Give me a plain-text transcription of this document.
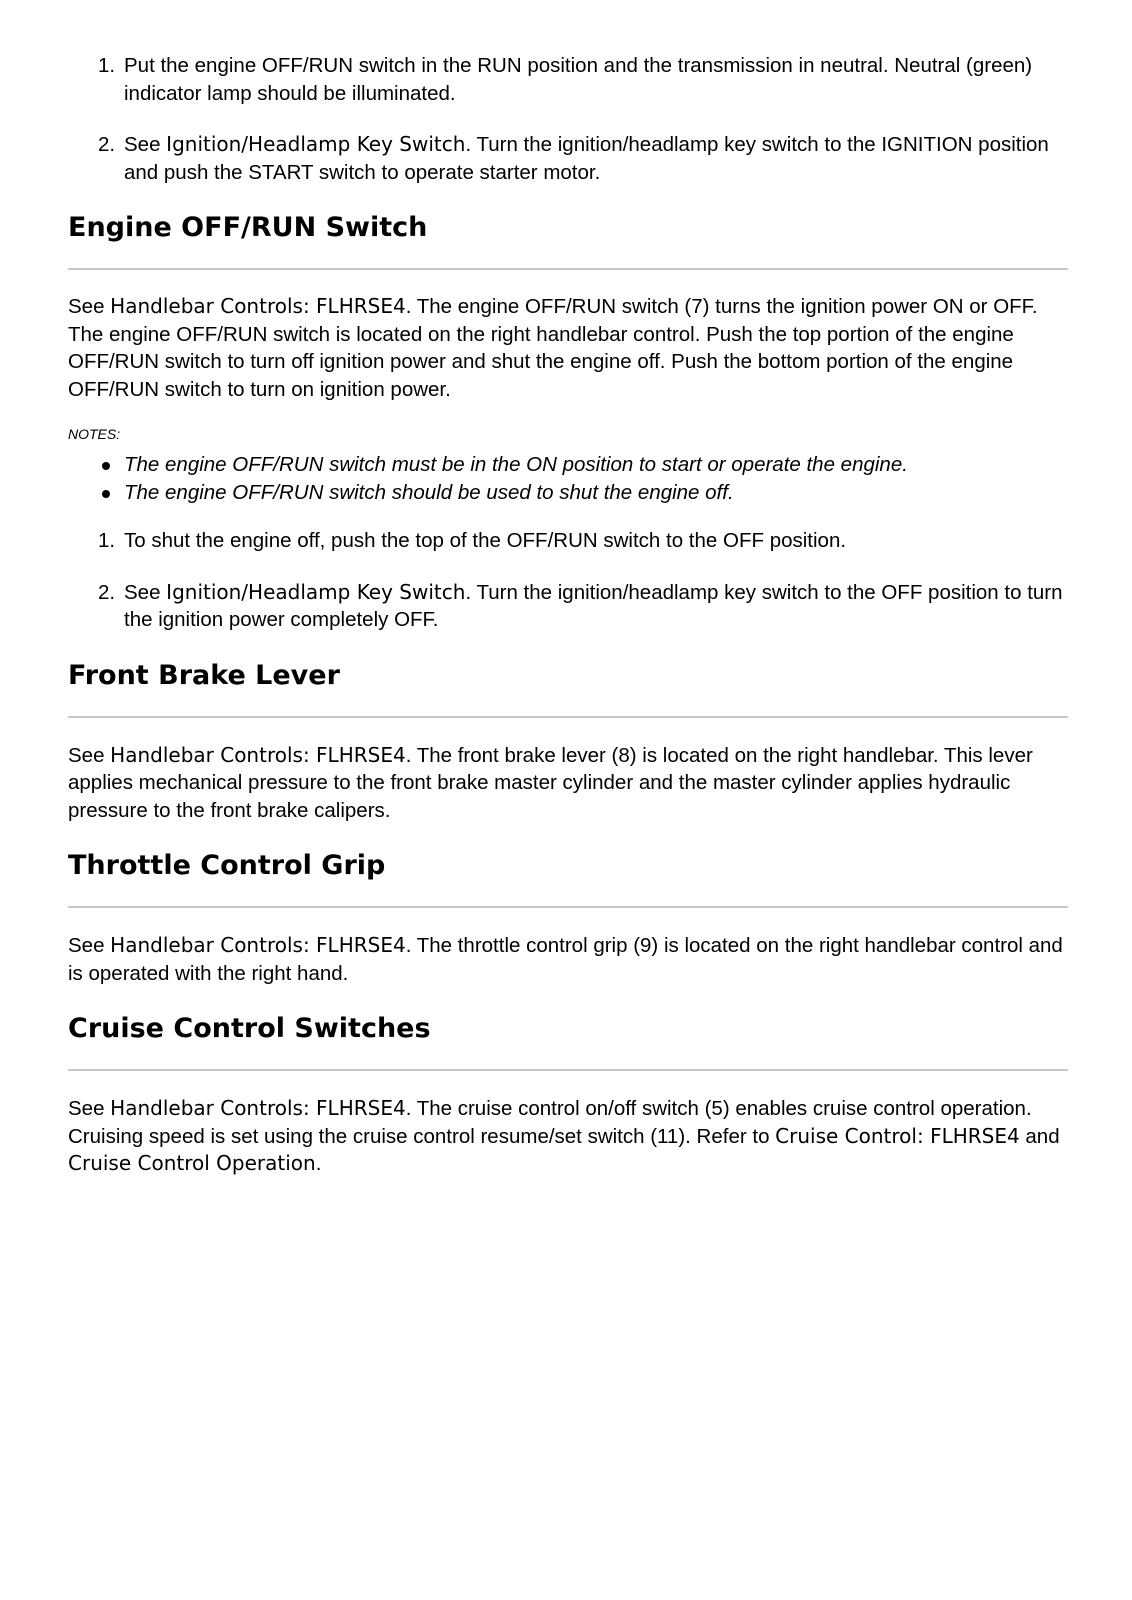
1. Put the engine OFF/RUN switch in the RUN position and the transmission in neutral. Neutral (green) indicator lamp should be illuminated.
2. See Ignition/Headlamp Key Switch. Turn the ignition/headlamp key switch to the IGNITION position and push the START switch to operate starter motor.
Engine OFF/RUN Switch

See Handlebar Controls: FLHRSE4. The engine OFF/RUN switch (7) turns the ignition power ON or OFF. The engine OFF/RUN switch is located on the right handlebar control. Push the top portion of the engine OFF/RUN switch to turn off ignition power and shut the engine off. Push the bottom portion of the engine OFF/RUN switch to turn on ignition power.

NOTES:

The engine OFF/RUN switch must be in the ON position to start or operate the engine.
The engine OFF/RUN switch should be used to shut the engine off.
1. To shut the engine off, push the top of the OFF/RUN switch to the OFF position.
2. See Ignition/Headlamp Key Switch. Turn the ignition/headlamp key switch to the OFF position to turn the ignition power completely OFF.
Front Brake Lever

See Handlebar Controls: FLHRSE4. The front brake lever (8) is located on the right handlebar. This lever applies mechanical pressure to the front brake master cylinder and the master cylinder applies hydraulic pressure to the front brake calipers.

Throttle Control Grip

See Handlebar Controls: FLHRSE4. The throttle control grip (9) is located on the right handlebar control and is operated with the right hand.

Cruise Control Switches

See Handlebar Controls: FLHRSE4. The cruise control on/off switch (5) enables cruise control operation. Cruising speed is set using the cruise control resume/set switch (11). Refer to Cruise Control: FLHRSE4 and Cruise Control Operation.
